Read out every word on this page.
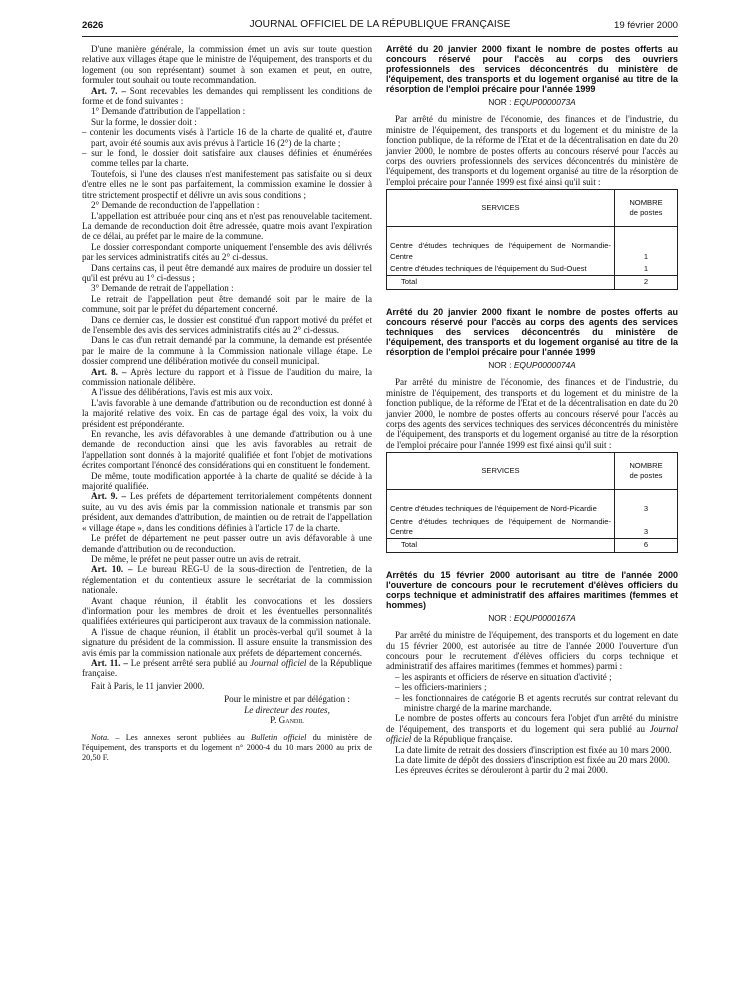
2626	JOURNAL OFFICIEL DE LA RÉPUBLIQUE FRANÇAISE	19 février 2000

D'une manière générale, la commission émet un avis sur toute question relative aux villages étape que le ministre de l'équipement, des transports et du logement (ou son représentant) soumet à son examen et peut, en outre, formuler tout souhait ou toute recommandation.

Art. 7. – Sont recevables les demandes qui remplissent les conditions de forme et de fond suivantes :

1° Demande d'attribution de l'appellation :

Sur la forme, le dossier doit :

– contenir les documents visés à l'article 16 de la charte de qualité et, d'autre part, avoir été soumis aux avis prévus à l'article 16 (2°) de la charte ;

– sur le fond, le dossier doit satisfaire aux clauses définies et énumérées comme telles par la charte.

Toutefois, si l'une des clauses n'est manifestement pas satisfaite ou si deux d'entre elles ne le sont pas parfaitement, la commission examine le dossier à titre strictement prospectif et délivre un avis sous conditions ;

2° Demande de reconduction de l'appellation :

L'appellation est attribuée pour cinq ans et n'est pas renouvelable tacitement. La demande de reconduction doit être adressée, quatre mois avant l'expiration de ce délai, au préfet par le maire de la commune.

Le dossier correspondant comporte uniquement l'ensemble des avis délivrés par les services administratifs cités au 2° ci-dessus.

Dans certains cas, il peut être demandé aux maires de produire un dossier tel qu'il est prévu au 1° ci-dessus ;

3° Demande de retrait de l'appellation :

Le retrait de l'appellation peut être demandé soit par le maire de la commune, soit par le préfet du département concerné.

Dans ce dernier cas, le dossier est constitué d'un rapport motivé du préfet et de l'ensemble des avis des services administratifs cités au 2° ci-dessus.

Dans le cas d'un retrait demandé par la commune, la demande est présentée par le maire de la commune à la Commission nationale village étape. Le dossier comprend une délibération motivée du conseil municipal.

Art. 8. – Après lecture du rapport et à l'issue de l'audition du maire, la commission nationale délibère.

A l'issue des délibérations, l'avis est mis aux voix.

L'avis favorable à une demande d'attribution ou de reconduction est donné à la majorité relative des voix. En cas de partage égal des voix, la voix du président est prépondérante.

En revanche, les avis défavorables à une demande d'attribution ou à une demande de reconduction ainsi que les avis favorables au retrait de l'appellation sont donnés à la majorité qualifiée et font l'objet de motivations écrites comportant l'énoncé des considérations qui en constituent le fondement.

De même, toute modification apportée à la charte de qualité se décide à la majorité qualifiée.

Art. 9. – Les préfets de département territorialement compétents donnent suite, au vu des avis émis par la commission nationale et transmis par son président, aux demandes d'attribution, de maintien ou de retrait de l'appellation « village étape », dans les conditions définies à l'article 17 de la charte.

Le préfet de département ne peut passer outre un avis défavorable à une demande d'attribution ou de reconduction.

De même, le préfet ne peut passer outre un avis de retrait.

Art. 10. – Le bureau REG-U de la sous-direction de l'entretien, de la réglementation et du contentieux assure le secrétariat de la commission nationale.

Avant chaque réunion, il établit les convocations et les dossiers d'information pour les membres de droit et les éventuelles personnalités qualifiées extérieures qui participeront aux travaux de la commission nationale.

A l'issue de chaque réunion, il établit un procès-verbal qu'il soumet à la signature du président de la commission. Il assure ensuite la transmission des avis émis par la commission nationale aux préfets de département concernés.

Art. 11. – Le présent arrêté sera publié au Journal officiel de la République française.

Fait à Paris, le 11 janvier 2000.

Pour le ministre et par délégation :

Le directeur des routes,

P. Gandil

Nota. – Les annexes seront publiées au Bulletin officiel du ministère de l'équipement, des transports et du logement n° 2000-4 du 10 mars 2000 au prix de 20,50 F.

Arrêté du 20 janvier 2000 fixant le nombre de postes offerts au concours réservé pour l'accès au corps des ouvriers professionnels des services déconcentrés du ministère de l'équipement, des transports et du logement organisé au titre de la résorption de l'emploi précaire pour l'année 1999

NOR : EQUP0000073A

Par arrêté du ministre de l'économie, des finances et de l'industrie, du ministre de l'équipement, des transports et du logement et du ministre de la fonction publique, de la réforme de l'Etat et de la décentralisation en date du 20 janvier 2000, le nombre de postes offerts au concours réservé pour l'accès au corps des ouvriers professionnels des services déconcentrés du ministère de l'équipement, des transports et du logement organisé au titre de la résorption de l'emploi précaire pour l'année 1999 est fixé ainsi qu'il suit :

SERVICES	NOMBRE
de postes
Centre d'études techniques de l'équipement de Normandie-Centre	1
Centre d'études techniques de l'équipement du Sud-Ouest	1
Total	2

Arrêté du 20 janvier 2000 fixant le nombre de postes offerts au concours réservé pour l'accès au corps des agents des services techniques des services déconcentrés du ministère de l'équipement, des transports et du logement organisé au titre de la résorption de l'emploi précaire pour l'année 1999

NOR : EQUP0000074A

Par arrêté du ministre de l'économie, des finances et de l'industrie, du ministre de l'équipement, des transports et du logement et du ministre de la fonction publique, de la réforme de l'Etat et de la décentralisation en date du 20 janvier 2000, le nombre de postes offerts au concours réservé pour l'accès au corps des agents des services techniques des services déconcentrés du ministère de l'équipement, des transports et du logement organisé au titre de la résorption de l'emploi précaire pour l'année 1999 est fixé ainsi qu'il suit :

SERVICES	NOMBRE
de postes
Centre d'études techniques de l'équipement de Nord-Picardie	3
Centre d'études techniques de l'équipement de Normandie-Centre	3
Total	6

Arrêtés du 15 février 2000 autorisant au titre de l'année 2000 l'ouverture de concours pour le recrutement d'élèves officiers du corps technique et administratif des affaires maritimes (femmes et hommes)

NOR : EQUP0000167A

Par arrêté du ministre de l'équipement, des transports et du logement en date du 15 février 2000, est autorisée au titre de l'année 2000 l'ouverture d'un concours pour le recrutement d'élèves officiers du corps technique et administratif des affaires maritimes (femmes et hommes) parmi :

– les aspirants et officiers de réserve en situation d'activité ;

– les officiers-mariniers ;

– les fonctionnaires de catégorie B et agents recrutés sur contrat relevant du ministre chargé de la marine marchande.

Le nombre de postes offerts au concours fera l'objet d'un arrêté du ministre de l'équipement, des transports et du logement qui sera publié au Journal officiel de la République française.

La date limite de retrait des dossiers d'inscription est fixée au 10 mars 2000.

La date limite de dépôt des dossiers d'inscription est fixée au 20 mars 2000.

Les épreuves écrites se dérouleront à partir du 2 mai 2000.
